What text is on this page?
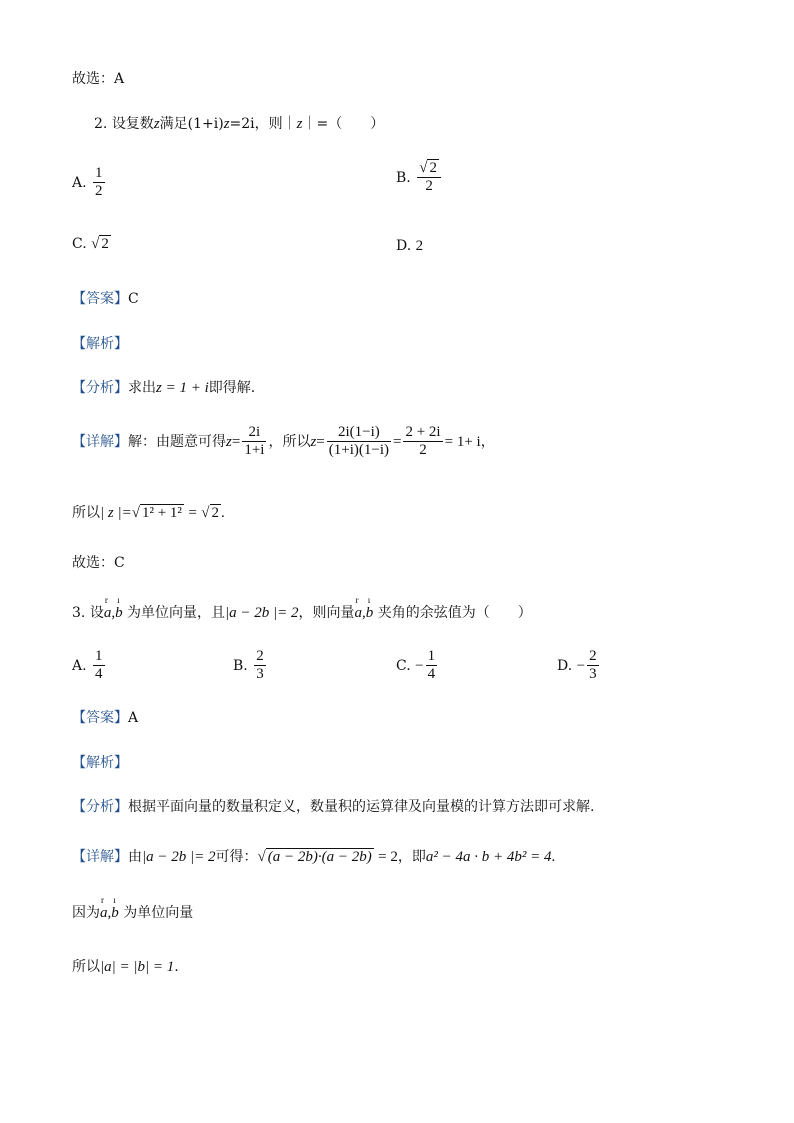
故选：A
2. 设复数z满足(1+i)z=2i，则｜z｜=（　　）
A. $\frac{1}{2}$	B. $\frac{√ 2}{2}$
C. √ 2	D. 2
【答案】C
【解析】
【分析】求出z = 1 + i即得解.
【详解】解：由题意可得$z= \frac{2i}{1+i}$ ，所以$z= \frac{2i(1-i)}{(1+i)(1-i)} = \frac{2 + 2i}{2} = 1+ i$，
所以| z |=√ 1² + 1² = √ 2 .
故选：C
3. 设r a,ı b 为单位向量，且|a − 2b |= 2，则向量r a,ı b 夹角的余弦值为（　　）
A. $\frac{1}{4}$	B. $\frac{2}{3}$	C. − $\frac{1}{4}$	D. − $\frac{2}{3}$
【答案】A
【解析】
【分析】根据平面向量的数量积定义，数量积的运算律及向量模的计算方法即可求解.
【详解】由|a − 2b |= 2可得：√ (a − 2b)·(a − 2b) = 2，即a² − 4a · b + 4b² = 4.
因为r a,ı b 为单位向量
所以|a| = |b| = 1.
